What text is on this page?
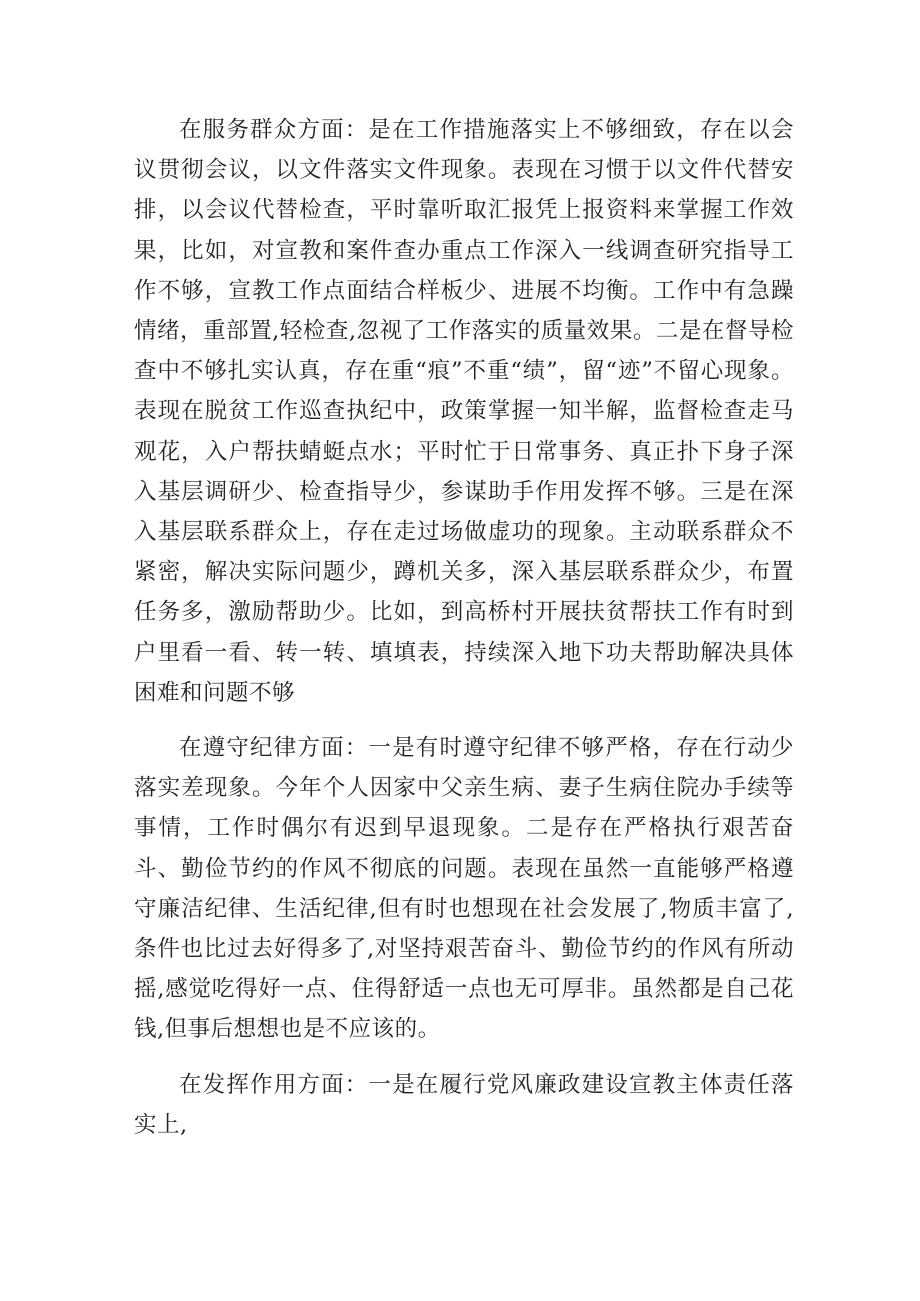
在服务群众方面：是在工作措施落实上不够细致，存在以会议贯彻会议，以文件落实文件现象。表现在习惯于以文件代替安排，以会议代替检查，平时靠听取汇报凭上报资料来掌握工作效果，比如，对宣教和案件查办重点工作深入一线调查研究指导工作不够，宣教工作点面结合样板少、进展不均衡。工作中有急躁情绪，重部置,轻检查,忽视了工作落实的质量效果。二是在督导检查中不够扎实认真，存在重“痕”不重“绩”，留“迹”不留心现象。表现在脱贫工作巡查执纪中，政策掌握一知半解，监督检查走马观花，入户帮扶蜻蜓点水；平时忙于日常事务、真正扑下身子深入基层调研少、检查指导少，参谋助手作用发挥不够。三是在深入基层联系群众上，存在走过场做虚功的现象。主动联系群众不紧密，解决实际问题少，蹲机关多，深入基层联系群众少，布置任务多，激励帮助少。比如，到高桥村开展扶贫帮扶工作有时到户里看一看、转一转、填填表，持续深入地下功夫帮助解决具体困难和问题不够

在遵守纪律方面：一是有时遵守纪律不够严格，存在行动少落实差现象。今年个人因家中父亲生病、妻子生病住院办手续等事情，工作时偶尔有迟到早退现象。二是存在严格执行艰苦奋斗、勤俭节约的作风不彻底的问题。表现在虽然一直能够严格遵守廉洁纪律、生活纪律,但有时也想现在社会发展了,物质丰富了,条件也比过去好得多了,对坚持艰苦奋斗、勤俭节约的作风有所动摇,感觉吃得好一点、住得舒适一点也无可厚非。虽然都是自己花钱,但事后想想也是不应该的。

在发挥作用方面：一是在履行党风廉政建设宣教主体责任落实上,
